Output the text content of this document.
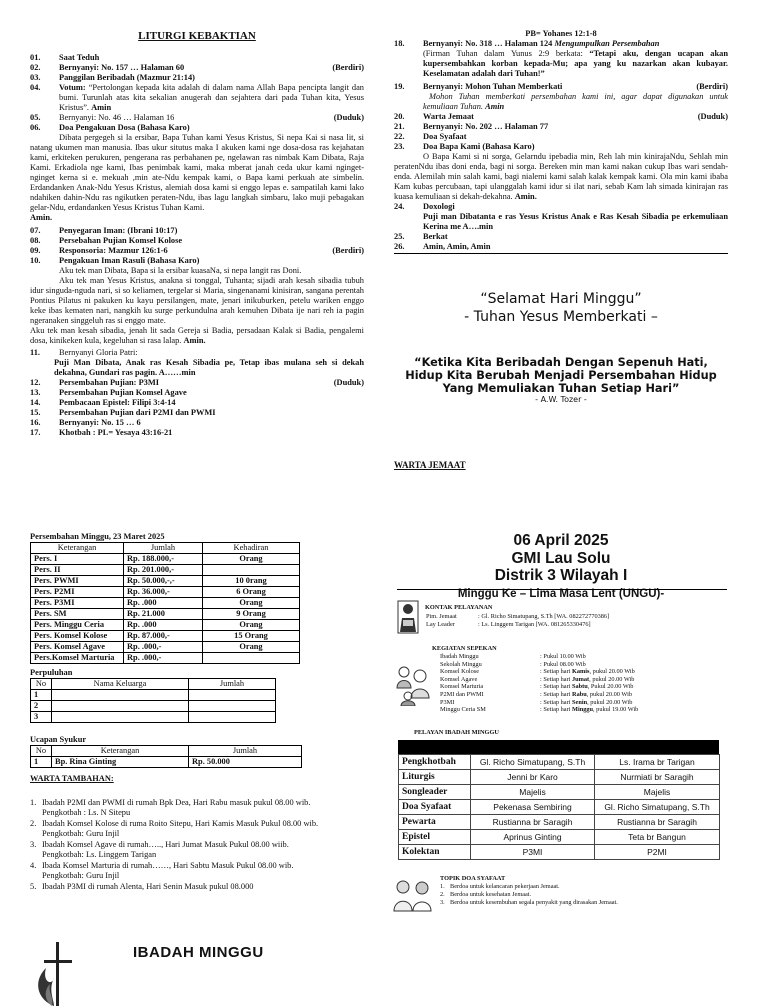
LITURGI KEBAKTIAN
01.	Saat Teduh
02.	Bernyanyi: No. 157 … Halaman 60	(Berdiri)
03.	Panggilan Beribadah (Mazmur 21:14)
04.	Votum: “Pertolongan kepada kita adalah di dalam nama Allah Bapa pencipta langit dan bumi. Turunlah atas kita sekalian anugerah dan sejahtera dari pada Tuhan kita, Yesus Kristus”. Amin
05.	Bernyanyi: No. 46 … Halaman 16	(Duduk)
06.	Doa Pengakuan Dosa (Bahasa Karo)

Dibata pergegeh si la ersibar, Bapa Tuhan kami Yesus Kristus, Si nepa Kai si nasa lit, si natang ukumen man manusia. Ibas ukur situtus maka I akuken kami nge dosa-dosa ras kejahatan kami, erkiteken perukuren, pengerana ras perbahanen pe, ngelawan ras nimbak Kam Dibata, Raja Kami. Erkadiola nge kami, Ibas penimbak kami, maka mberat janah ceda ukur kami nginget-nginget kerna si e. mekuah ,min ate-Ndu kempak kami, o Bapa kami perkuah ate simbelin. Erdandanken Anak-Ndu Yesus Kristus, alemiah dosa kami si enggo lepas e. sampatilah kami lako ndahiken dahin-Ndu ras ngikutken peraten-Ndu, ibas lagu langkah simbaru, lako muji pebagakan gelar-Ndu, erdandanken Yesus Kristus Tuhan Kami.

Amin.
07.	Penyegaran Iman: (Ibrani 10:17)
08.	Persebahan Pujian Komsel Kolose
09.	Responsoria: Mazmur 126:1-6	(Berdiri)
10.	Pengakuan Iman Rasuli (Bahasa Karo)

Aku tek man Dibata, Bapa si la ersibar kuasaNa, si nepa langit ras Doni.

Aku tek man Yesus Kristus, anakna si tonggal, Tuhanta; sijadi arah kesah sibadia tubuh idur singuda-nguda nari, si so keliamen, tergelar si Maria, singenanami kinisiran, sangana perentah Pontius Pilatus ni pakuken ku kayu persilangen, mate, jenari inikuburken, petelu wariken enggo keke ibas kematen nari, nangkih ku surge perkundulna arah kemuhen Dibata ije nari reh ia pagin ngeranaken singgeluh ras si enggo mate.

Aku tek man kesah sibadia, jenah lit sada Gereja si Badia, persadaan Kalak si Badia, pengalemi dosa, kinikeken kula, kegeluhan si rasa lalap. Amin.

11.	Bernyanyi Gloria Patri:

Puji Man Dibata, Anak ras Kesah Sibadia pe, Tetap ibas mulana seh si dekah dekahna, Gundari ras pagin. A……min

12.	Persembahan Pujian: P3MI	(Duduk)
13.	Persembahan Pujian Komsel Agave
14.	Pembacaan Epistel: Filipi 3:4-14
15.	Persembahan Pujian dari P2MI dan PWMI
16.	Bernyanyi: No. 15 … 6
17.	Khotbah : PL= Yesaya 43:16-21
PB= Yohanes 12:1-8
18.	Bernyanyi: No. 318 … Halaman 124 Mengumpulkan Persembahan

(Firman Tuhan dalam Yunus 2:9 berkata: “Tetapi aku, dengan ucapan akan kupersembahkan korban kepada-Mu; apa yang ku nazarkan akan kubayar. Keselamatan adalah dari Tuhan!”

19.	Bernyanyi: Mohon Tuhan Memberkati	(Berdiri)

Mohon Tuhan memberkati persembahan kami ini, agar dapat digunakan untuk kemuliaan Tuhan. Amin

20.	Warta Jemaat	(Duduk)
21.	Bernyanyi: No. 202 … Halaman 77
22.	Doa Syafaat
23.	Doa Bapa Kami (Bahasa Karo)

O Bapa Kami si ni sorga, Gelarndu ipebadia min, Reh lah min kinirajaNdu, Sehlah min peratenNdu ibas doni enda, bagi ni sorga. Bereken min man kami nakan cukup Ibas wari sendah-enda. Alemilah min salah kami, bagi nialemi kami salah kalak kempak kami. Ola min kami ibaba Kam kubas percubaan, tapi ulanggalah kami idur si ilat nari, sebab Kam lah simada kinirajan ras kuasa kemuliaan si dekah-dekahna. Amin.

24.	Doxologi

Puji man Dibatanta e ras Yesus Kristus Anak e Ras Kesah Sibadia pe erkemuliaan Kerina me A….min

25.	Berkat
26.	Amin, Amin, Amin
“Selamat Hari Minggu”
- Tuhan Yesus Memberkati –
“Ketika Kita Beribadah Dengan Sepenuh Hati, Hidup Kita Berubah Menjadi Persembahan Hidup Yang Memuliakan Tuhan Setiap Hari”
- A.W. Tozer -
WARTA JEMAAT
Persembahan Minggu, 23 Maret 2025
Keterangan	Jumlah	Kehadiran
Pers. I	Rp. 188.000,-	Orang
Pers. II	Rp. 201.000,-	
Pers. PWMI	Rp. 50.000,-,-	10 0rang
Pers. P2MI	Rp. 36.000,-	6 Orang
Pers. P3MI	Rp. .000	Orang
Pers. SM	Rp. 21.000	9 Orang
Pers. Minggu Ceria	Rp. .000	Orang
Pers. Komsel Kolose	Rp. 87.000,-	15 Orang
Pers. Komsel Agave	Rp. .000,-	Orang
Pers.Komsel Marturia	Rp. .000,-	
Perpuluhan
No	Nama Keluarga	Jumlah
1		
2		
3		
Ucapan Syukur
No	Keterangan	Jumlah
1	Bp. Rina Ginting	Rp. 50.000
WARTA TAMBAHAN:
1. Ibadah P2MI dan PWMI di rumah Bpk Dea, Hari Rabu masuk pukul 08.00 wib.
Pengkotbah : Ls. N Sitepu
2. Ibadah Komsel Kolose di ruma Roito Sitepu, Hari Kamis Masuk Pukul 08.00 wib.
Pengkotbah: Guru Injil
3. Ibadah Komsel Agave di rumah….., Hari Jumat Masuk Pukul 08.00 wiib.
Pengkotbah: Ls. Linggem Tarigan
4. Ibada Komsel Marturia di rumah……, Hari Sabtu Masuk Pukul 08.00 wib.
Pengkotbah: Guru Injil
5. Ibadah P3MI di rumah Alenta, Hari Senin Masuk pukul 08.000
IBADAH MINGGU
06 April 2025
GMI Lau Solu
Distrik 3 Wilayah I
Minggu Ke – Lima Masa Lent (UNGU)-
KONTAK PELAYANAN
Pim. Jemaat	: Gl. Richo Simatupang, S.Th [WA. 082272770386]
Lay Leader	: Ls. Linggem Tarigan [WA. 081265330476]
KEGIATAN SEPEKAN
Ibadah Minggu	: Pukul 10.00 Wib
Sekolah Minggu	: Pukul 08.00 Wib
Komsel Kolose	: Setiap hari Kamis, pukul 20.00 Wib
Komsel Agave	: Setiap hari Jumat, pukul 20.00 Wib
Komsel Marturia	: Setiap hari Sabtu, Pukul 20.00 Wib
P2MI dan PWMI	: Setiap hari Rabu, pukul 20.00 Wib
P3MI	: Setiap hari Senin, pukul 20.00 Wib
Minggu Ceria SM	: Setiap hari Minggu, pukul 19.00 Wib
PELAYAN IBADAH MINGGU
Pengkhotbah	Gl. Richo Simatupang, S.Th	Ls. Irama br Tarigan
Liturgis	Jenni br Karo	Nurmiati br Saragih
Songleader	Majelis	Majelis
Doa Syafaat	Pekenasa Sembiring	Gl. Richo Simatupang, S.Th
Pewarta	Rustianna br Saragih	Rustianna br Saragih
Epistel	Aprinus Ginting	Teta br Bangun
Kolektan	P3MI	P2MI
TOPIK DOA SYAFAAT
1. Berdoa untuk kelancaran pekerjaan Jemaat.
2. Berdoa untuk kesehatan Jemaat.
3. Berdoa untuk kesembuhan segala penyakit yang dirasakan Jemaat.
